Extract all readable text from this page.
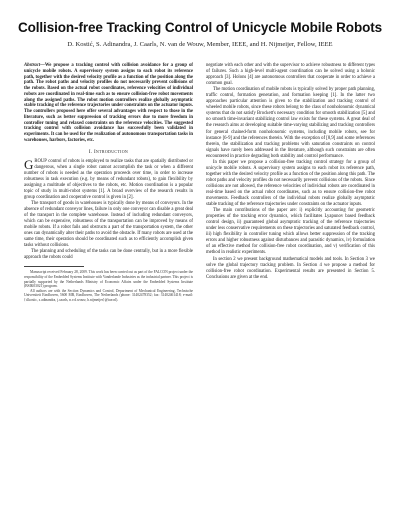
Collision-free Tracking Control of Unicycle Mobile Robots
D. Kostić, S. Adinandra, J. Caarls, N. van de Wouw, Member, IEEE, and H. Nijmeijer, Fellow, IEEE
Abstract—We propose a tracking control with collision avoidance for a group of unicycle mobile robots. A supervisory system assigns to each robot its reference path, together with the desired velocity profile as a function of the position along the path. The robot paths and velocity profiles do not necessarily prevent collisions of the robots. Based on the actual robot coordinates, reference velocities of individual robots are coordinated in real-time such as to ensure collision-free robot movements along the assigned paths. The robot motion controllers realize globally asymptotic stable tracking of the reference trajectories under constraints on the actuator inputs. The controllers proposed here offer several advantages with respect to those in the literature, such as better suppression of tracking errors due to more freedom in controller tuning and relaxed constraints on the reference velocities. The suggested tracking control with collision avoidance has successfully been validated in experiments. It can be used for the realization of autonomous transportation tasks in warehouses, harbors, factories, etc.
I. Introduction

GROUP control of robots is employed to realize tasks that are spatially distributed or dangerous, when a single robot cannot accomplish the task or when a different number of robots is needed as the operation proceeds over time, in order to increase robustness in task execution (e.g. by means of redundant robots), to gain flexibility by assigning a multitude of objectives to the robots, etc. Motion coordination is a popular topic of study in multi-robot systems [1]. A broad overview of the research results in group coordination and cooperative control is given in [2].

The transport of goods in warehouses is typically done by means of conveyors. In the absence of redundant conveyor lines, failure in only one conveyor can disable a great deal of the transport in the complete warehouse. Instead of including redundant conveyors, which can be expensive, robustness of the transportation can be improved by means of mobile robots. If a robot fails and obstructs a part of the transportation system, the other ones can dynamically alter their paths to avoid the obstacle. If many robots are used at the same time, their operation should be coordinated such as to efficiently accomplish given tasks without collisions.

The planning and scheduling of the tasks can be done centrally, but in a more flexible approach the robots could

Manuscript received February 28, 2009. This work has been carried out as part of the FALCON project under the responsibility of the Embedded Systems Institute with Vanderlande Industries as the industrial partner. This project is partially supported by the Netherlands Ministry of Economic Affairs under the Embedded Systems Institute (BSIK03021) program.

All authors are with the Section Dynamics and Control, Department of Mechanical Engineering, Technische Universiteit Eindhoven, 5600 MB, Eindhoven, The Netherlands (phone: 31402478352; fax: 31402461418; e-mail: {d.kostic, s.adinandra, j.caarls, n.v.d.wouw, h.nijmeijer}@tue.nl).

negotiate with each other and with the supervisor to achieve robustness to different types of failures. Such a high-level multi-agent coordination can be solved using a holonic approach [3]. Holons [4] are autonomous controllers that cooperate in order to achieve a common goal.

The motion coordination of mobile robots is typically solved by proper path planning, traffic control, formation generation, and formation keeping [1]. In the latter two approaches particular attention is given to the stabilization and tracking control of wheeled mobile robots, since these robots belong to the class of nonholonomic dynamical systems that do not satisfy Brockett's necessary condition for smooth stabilization [5] and no smooth time-invariant stabilizing control law exists for these systems. A great deal of the research aims at developing suitable time-varying stabilizing and tracking controllers for general chained-form nonholonomic systems, including mobile robots, see for instance [6-9] and the references therein. With the exception of [8,9] and some references therein, the stabilization and tracking problems with saturation constraints on control signals have rarely been addressed in the literature, although such constraints are often encountered in practice degrading both stability and control performance.

In this paper we propose a collision-free tracking control strategy for a group of unicycle mobile robots. A supervisory system assigns to each robot its reference path, together with the desired velocity profile as a function of the position along this path. The robot paths and velocity profiles do not necessarily prevent collisions of the robots. Since collisions are not allowed, the reference velocities of individual robots are coordinated in real-time based on the actual robot coordinates, such as to ensure collision-free robot movements. Feedback controllers of the individual robots realize globally asymptotic stable tracking of the reference trajectories under constraints on the actuator inputs.

The main contributions of the paper are: i) explicitly accounting for geometric properties of the tracking error dynamics, which facilitates Lyapunov based feedback control design, ii) guaranteed global asymptotic tracking of the reference trajectories under less conservative requirements on these trajectories and saturated feedback control, iii) high flexibility in controller tuning which allows better suppression of the tracking errors and higher robustness against disturbances and parasitic dynamics, iv) formulation of an effective method for collision-free robot coordination, and v) verification of this method in realistic experiments.

In section 2 we present background mathematical models and tools. In Section 3 we solve the global trajectory tracking problem. In Section 4 we propose a method for collision-free robot coordination. Experimental results are presented in Section 5. Conclusions are given at the end.
